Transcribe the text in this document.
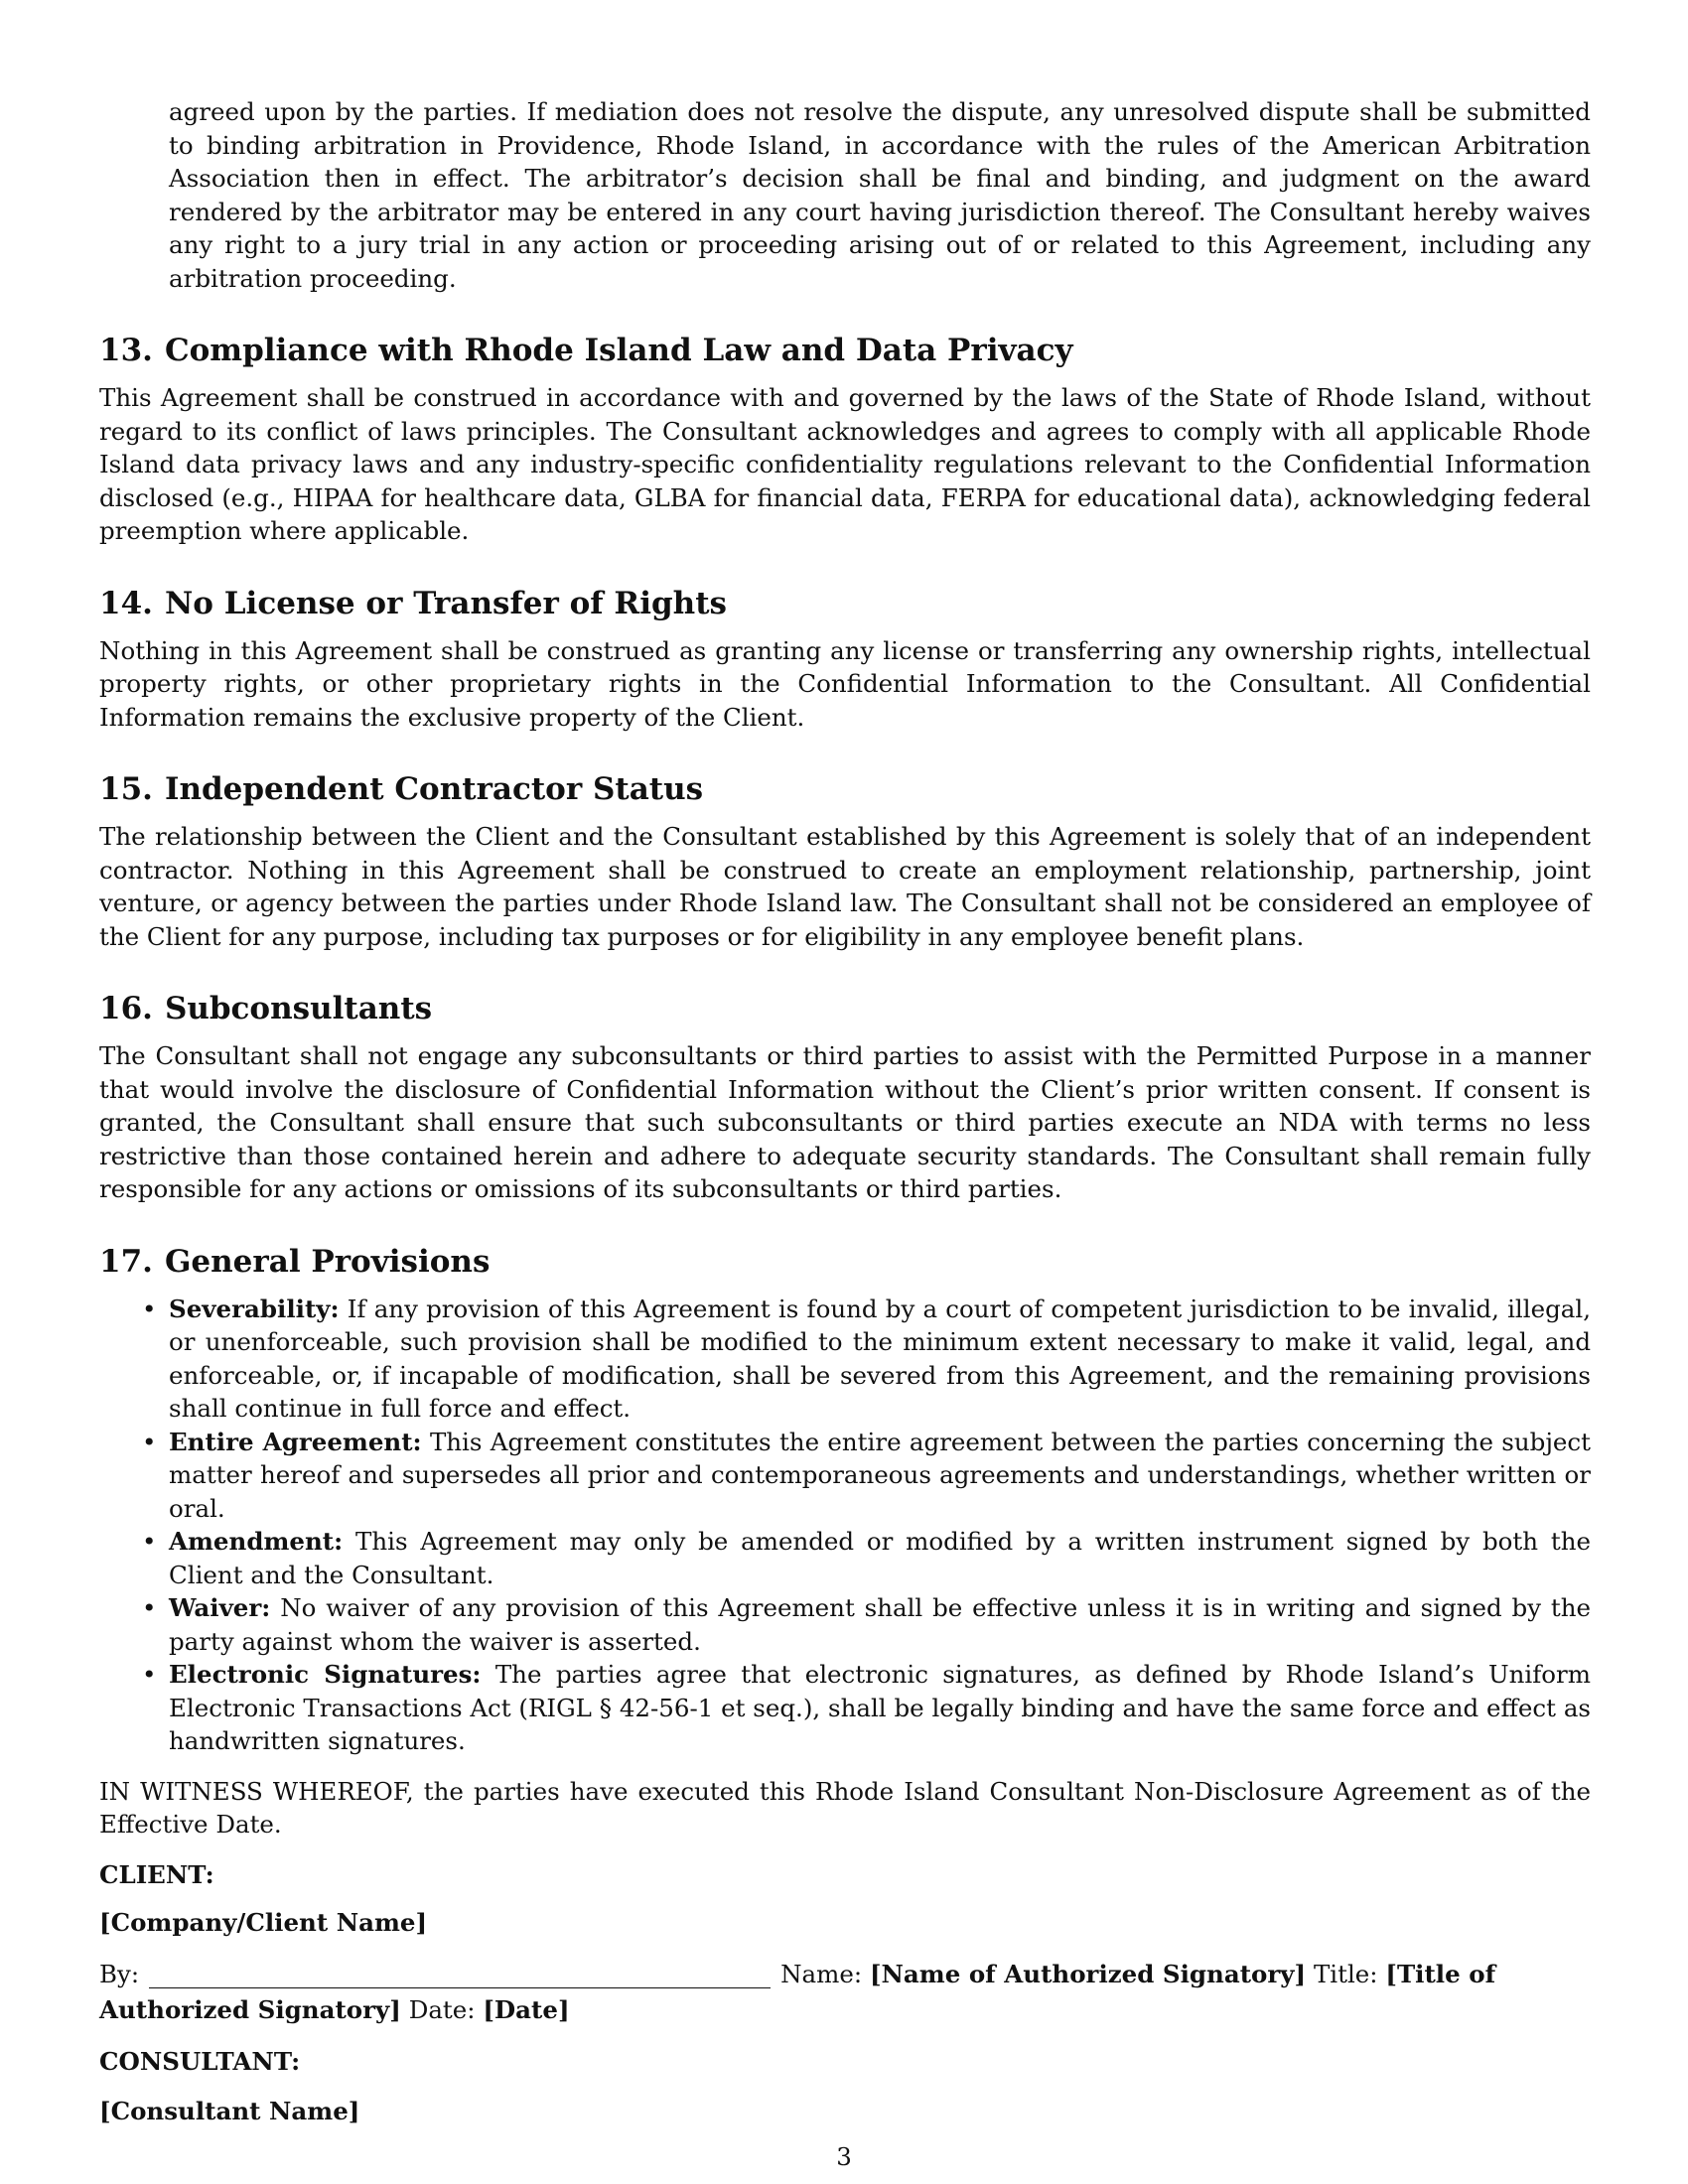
agreed upon by the parties. If mediation does not resolve the dispute, any unresolved dispute shall be submitted to binding arbitration in Providence, Rhode Island, in accordance with the rules of the American Arbitration Association then in effect. The arbitrator’s decision shall be final and binding, and judgment on the award rendered by the arbitrator may be entered in any court having jurisdiction thereof. The Consultant hereby waives any right to a jury trial in any action or proceeding arising out of or related to this Agreement, including any arbitration proceeding.

13. Compliance with Rhode Island Law and Data Privacy

This Agreement shall be construed in accordance with and governed by the laws of the State of Rhode Island, without regard to its conflict of laws principles. The Consultant acknowledges and agrees to comply with all applicable Rhode Island data privacy laws and any industry-specific confidentiality regulations relevant to the Confidential Information disclosed (e.g., HIPAA for healthcare data, GLBA for financial data, FERPA for educational data), acknowledging federal preemption where applicable.

14. No License or Transfer of Rights

Nothing in this Agreement shall be construed as granting any license or transferring any ownership rights, intellectual property rights, or other proprietary rights in the Confidential Information to the Consultant. All Confidential Information remains the exclusive property of the Client.

15. Independent Contractor Status

The relationship between the Client and the Consultant established by this Agreement is solely that of an independent contractor. Nothing in this Agreement shall be construed to create an employment relationship, partnership, joint venture, or agency between the parties under Rhode Island law. The Consultant shall not be considered an employee of the Client for any purpose, including tax purposes or for eligibility in any employee benefit plans.

16. Subconsultants

The Consultant shall not engage any subconsultants or third parties to assist with the Permitted Purpose in a manner that would involve the disclosure of Confidential Information without the Client’s prior written consent. If consent is granted, the Consultant shall ensure that such subconsultants or third parties execute an NDA with terms no less restrictive than those contained herein and adhere to adequate security standards. The Consultant shall remain fully responsible for any actions or omissions of its subconsultants or third parties.

17. General Provisions
• Severability: If any provision of this Agreement is found by a court of competent jurisdiction to be invalid, illegal, or unenforceable, such provision shall be modified to the minimum extent necessary to make it valid, legal, and enforceable, or, if incapable of modification, shall be severed from this Agreement, and the remaining provisions shall continue in full force and effect.
• Entire Agreement: This Agreement constitutes the entire agreement between the parties concerning the subject matter hereof and supersedes all prior and contemporaneous agreements and understandings, whether written or oral.
• Amendment: This Agreement may only be amended or modified by a written instrument signed by both the Client and the Consultant.
• Waiver: No waiver of any provision of this Agreement shall be effective unless it is in writing and signed by the party against whom the waiver is asserted.
• Electronic Signatures: The parties agree that electronic signatures, as defined by Rhode Island’s Uniform Electronic Transactions Act (RIGL § 42-56-1 et seq.), shall be legally binding and have the same force and effect as handwritten signatures.

IN WITNESS WHEREOF, the parties have executed this Rhode Island Consultant Non-Disclosure Agreement as of the Effective Date.

CLIENT:

[Company/Client Name]

By:	Name: [Name of Authorized Signatory] Title: [Title of Authorized Signatory] Date: [Date]

CONSULTANT:

[Consultant Name]

3
